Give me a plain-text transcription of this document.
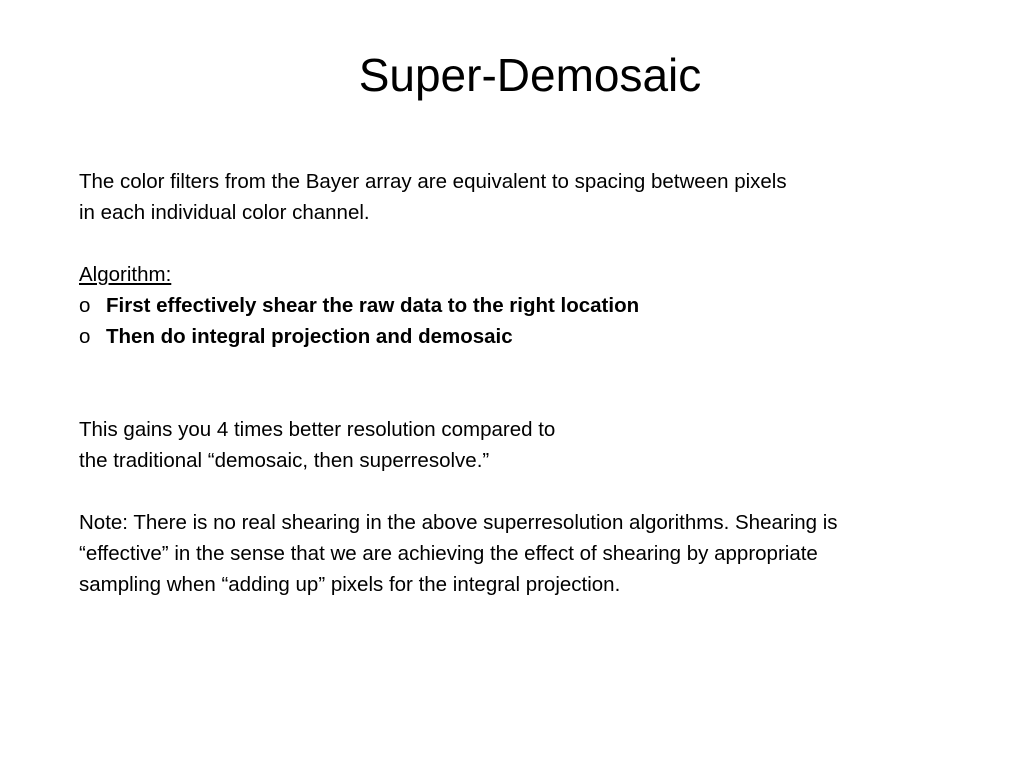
Super-Demosaic

The color filters from the Bayer array are equivalent to spacing between pixels
in each individual color channel.

Algorithm:
o First effectively shear the raw data to the right location
o Then do integral projection and demosaic

This gains you 4 times better resolution compared to
the traditional “demosaic, then superresolve.”

Note: There is no real shearing in the above superresolution algorithms. Shearing is
“effective” in the sense that we are achieving the effect of shearing by appropriate
sampling when “adding up” pixels for the integral projection.
